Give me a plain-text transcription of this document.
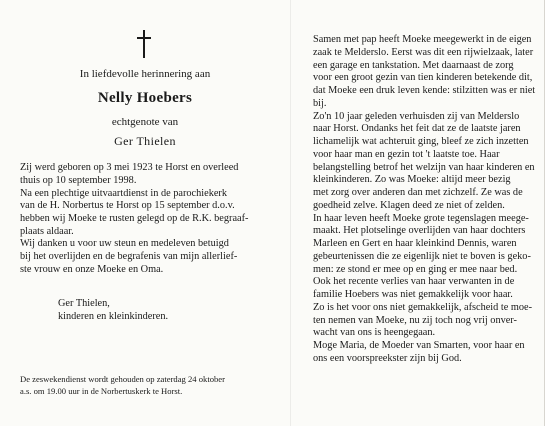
In liefdevolle herinnering aan
Nelly Hoebers
echtgenote van
Ger Thielen
Zij werd geboren op 3 mei 1923 te Horst en overleed
thuis op 10 september 1998.
Na een plechtige uitvaartdienst in de parochiekerk
van de H. Norbertus te Horst op 15 september d.o.v.
hebben wij Moeke te rusten gelegd op de R.K. begraaf-
plaats aldaar.
Wij danken u voor uw steun en medeleven betuigd
bij het overlijden en de begrafenis van mijn allerlief-
ste vrouw en onze Moeke en Oma.
Ger Thielen,
kinderen en kleinkinderen.
De zeswekendienst wordt gehouden op zaterdag 24 oktober
a.s. om 19.00 uur in de Norbertuskerk te Horst.
Samen met pap heeft Moeke meegewerkt in de eigen
zaak te Melderslo. Eerst was dit een rijwielzaak, later
een garage en tankstation. Met daarnaast de zorg
voor een groot gezin van tien kinderen betekende dit,
dat Moeke een druk leven kende: stilzitten was er niet
bij.
Zo'n 10 jaar geleden verhuisden zij van Melderslo
naar Horst. Ondanks het feit dat ze de laatste jaren
lichamelijk wat achteruit ging, bleef ze zich inzetten
voor haar man en gezin tot 't laatste toe. Haar
belangstelling betrof het welzijn van haar kinderen en
kleinkinderen. Zo was Moeke: altijd meer bezig
met zorg over anderen dan met zichzelf. Ze was de
goedheid zelve. Klagen deed ze niet of zelden.
In haar leven heeft Moeke grote tegenslagen meege-
maakt. Het plotselinge overlijden van haar dochters
Marleen en Gert en haar kleinkind Dennis, waren
gebeurtenissen die ze eigenlijk niet te boven is geko-
men: ze stond er mee op en ging er mee naar bed.
Ook het recente verlies van haar verwanten in de
familie Hoebers was niet gemakkelijk voor haar.
Zo is het voor ons niet gemakkelijk, afscheid te moe-
ten nemen van Moeke, nu zij toch nog vrij onver-
wacht van ons is heengegaan.
Moge Maria, de Moeder van Smarten, voor haar en
ons een voorspreekster zijn bij God.
